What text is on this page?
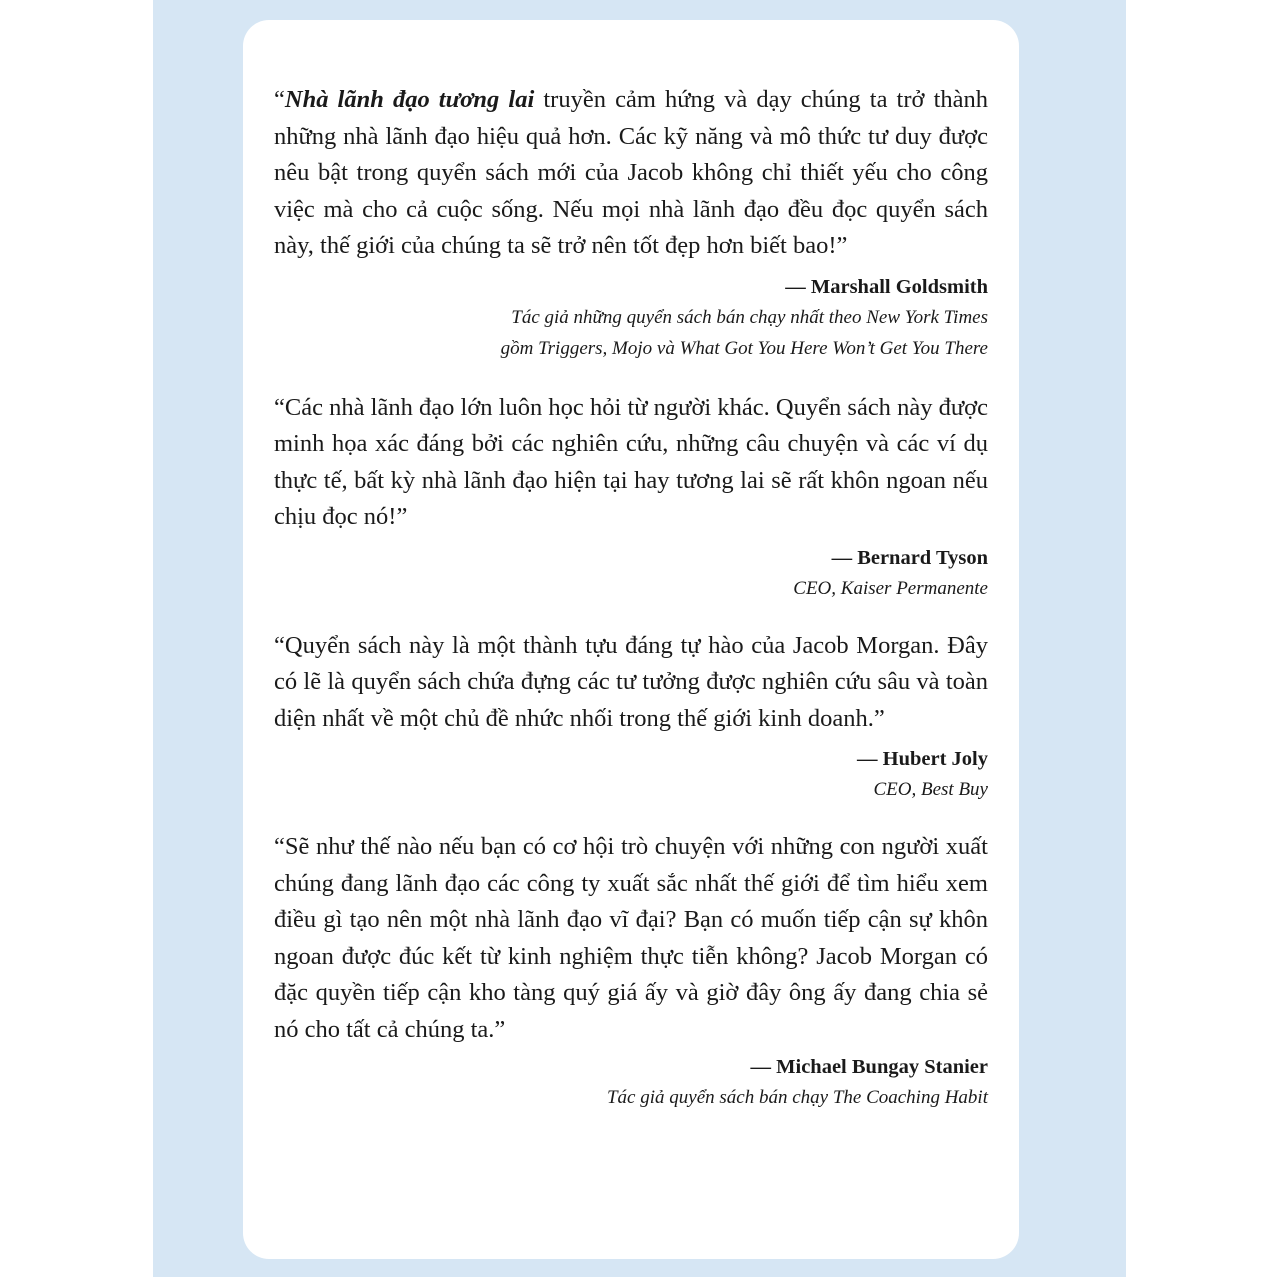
“Nhà lãnh đạo tương lai truyền cảm hứng và dạy chúng ta trở thành những nhà lãnh đạo hiệu quả hơn. Các kỹ năng và mô thức tư duy được nêu bật trong quyển sách mới của Jacob không chỉ thiết yếu cho công việc mà cho cả cuộc sống. Nếu mọi nhà lãnh đạo đều đọc quyển sách này, thế giới của chúng ta sẽ trở nên tốt đẹp hơn biết bao!”

— Marshall Goldsmith
Tác giả những quyển sách bán chạy nhất theo New York Times
gồm Triggers, Mojo và What Got You Here Won’t Get You There

“Các nhà lãnh đạo lớn luôn học hỏi từ người khác. Quyển sách này được minh họa xác đáng bởi các nghiên cứu, những câu chuyện và các ví dụ thực tế, bất kỳ nhà lãnh đạo hiện tại hay tương lai sẽ rất khôn ngoan nếu chịu đọc nó!”

— Bernard Tyson
CEO, Kaiser Permanente

“Quyển sách này là một thành tựu đáng tự hào của Jacob Morgan. Đây có lẽ là quyển sách chứa đựng các tư tưởng được nghiên cứu sâu và toàn diện nhất về một chủ đề nhức nhối trong thế giới kinh doanh.”

— Hubert Joly
CEO, Best Buy

“Sẽ như thế nào nếu bạn có cơ hội trò chuyện với những con người xuất chúng đang lãnh đạo các công ty xuất sắc nhất thế giới để tìm hiểu xem điều gì tạo nên một nhà lãnh đạo vĩ đại? Bạn có muốn tiếp cận sự khôn ngoan được đúc kết từ kinh nghiệm thực tiễn không? Jacob Morgan có đặc quyền tiếp cận kho tàng quý giá ấy và giờ đây ông ấy đang chia sẻ nó cho tất cả chúng ta.”

— Michael Bungay Stanier
Tác giả quyển sách bán chạy The Coaching Habit
